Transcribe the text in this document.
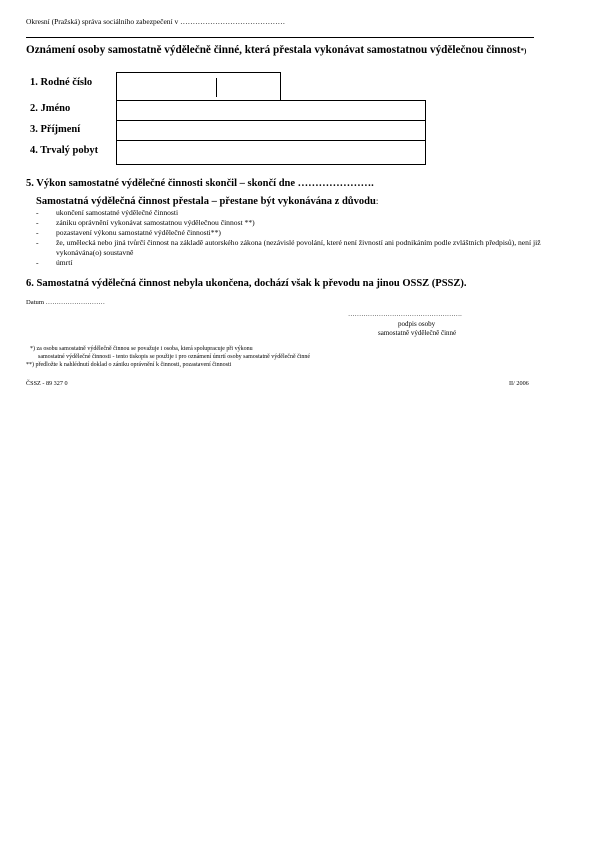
Okresní (Pražská) správa sociálního zabezpečení v ……………………………………
Oznámení osoby samostatně výdělečně činné, která přestala vykonávat samostatnou výdělečnou činnost*)
1. Rodné číslo
2. Jméno
3. Příjmení
4. Trvalý pobyt
5. Výkon samostatné výdělečné činnosti skončil – skončí dne ………………….
Samostatná výdělečná činnost přestala – přestane být vykonávána z důvodu:
- ukončení samostatné výdělečné činnosti
- zániku oprávnění vykonávat samostatnou výdělečnou činnost **)
- pozastavení výkonu samostatné výdělečné činnosti**)
- že, umělecká nebo jiná tvůrčí činnost na základě autorského zákona (nezávislé povolání, které není živností ani podnikáním podle zvláštních předpisů), není již vykonávána(o) soustavně
- úmrtí
6. Samostatná výdělečná činnost nebyla ukončena, dochází však k převodu na jinou OSSZ (PSSZ).
Datum ………………………
…………………………………………….
podpis osoby
samostatně výdělečně činné
*) za osobu samostatně výdělečně činnou se považuje i osoba, která spolupracuje při výkonu
samostatné výdělečné činnosti - tento tiskopis se použije i pro oznámení úmrtí osoby samostatně výdělečně činné
**) předložte k nahlédnutí doklad o zániku oprávnění k činnosti, pozastavení činnosti
ČSSZ - 89 327 0	II/ 2006
